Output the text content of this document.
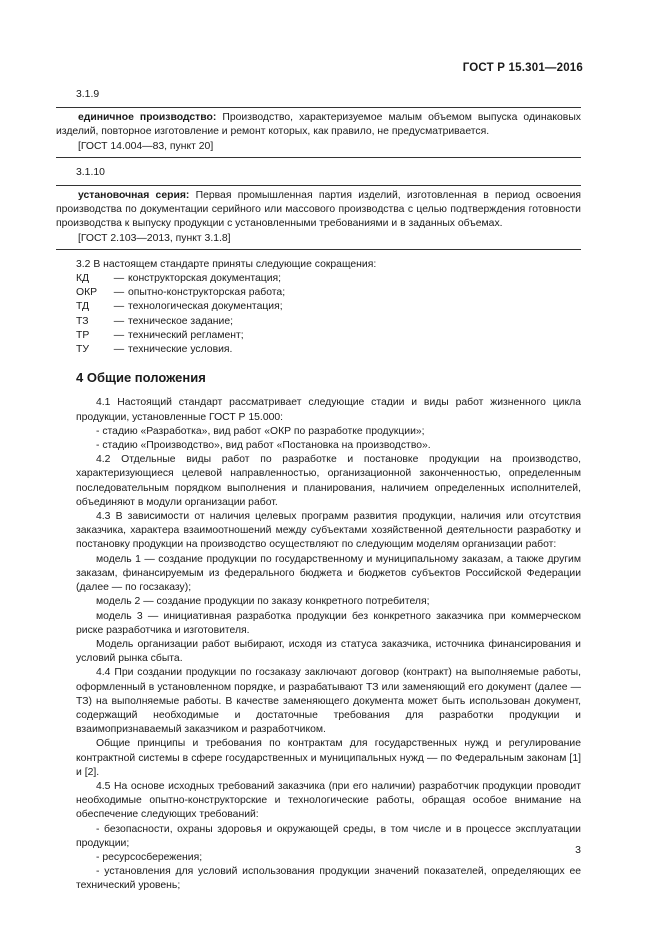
ГОСТ Р 15.301—2016

3.1.9

единичное производство: Производство, характеризуемое малым объемом выпуска одинаковых изделий, повторное изготовление и ремонт которых, как правило, не предусматривается.

[ГОСТ 14.004—83, пункт 20]

3.1.10

установочная серия: Первая промышленная партия изделий, изготовленная в период освоения производства по документации серийного или массового производства с целью подтверждения готовности производства к выпуску продукции с установленными требованиями и в заданных объемах.

[ГОСТ 2.103—2013, пункт 3.1.8]

3.2 В настоящем стандарте приняты следующие сокращения:

КД	— конструкторская документация;
ОКР	— опытно-конструкторская работа;
ТД	— технологическая документация;
ТЗ	— техническое задание;
ТР	— технический регламент;
ТУ	— технические условия.
4 Общие положения

4.1 Настоящий стандарт рассматривает следующие стадии и виды работ жизненного цикла продукции, установленные ГОСТ Р 15.000:

- стадию «Разработка», вид работ «ОКР по разработке продукции»;

- стадию «Производство», вид работ «Постановка на производство».

4.2 Отдельные виды работ по разработке и постановке продукции на производство, характеризующиеся целевой направленностью, организационной законченностью, определенным последовательным порядком выполнения и планирования, наличием определенных исполнителей, объединяют в модули организации работ.

4.3 В зависимости от наличия целевых программ развития продукции, наличия или отсутствия заказчика, характера взаимоотношений между субъектами хозяйственной деятельности разработку и постановку продукции на производство осуществляют по следующим моделям организации работ:

модель 1 — создание продукции по государственному и муниципальному заказам, а также другим заказам, финансируемым из федерального бюджета и бюджетов субъектов Российской Федерации (далее — по госзаказу);

модель 2 — создание продукции по заказу конкретного потребителя;

модель 3 — инициативная разработка продукции без конкретного заказчика при коммерческом риске разработчика и изготовителя.

Модель организации работ выбирают, исходя из статуса заказчика, источника финансирования и условий рынка сбыта.

4.4 При создании продукции по госзаказу заключают договор (контракт) на выполняемые работы, оформленный в установленном порядке, и разрабатывают ТЗ или заменяющий его документ (далее — ТЗ) на выполняемые работы. В качестве заменяющего документа может быть использован документ, содержащий необходимые и достаточные требования для разработки продукции и взаимопризнаваемый заказчиком и разработчиком.

Общие принципы и требования по контрактам для государственных нужд и регулирование контрактной системы в сфере государственных и муниципальных нужд — по Федеральным законам [1] и [2].

4.5 На основе исходных требований заказчика (при его наличии) разработчик продукции проводит необходимые опытно-конструкторские и технологические работы, обращая особое внимание на обеспечение следующих требований:

- безопасности, охраны здоровья и окружающей среды, в том числе и в процессе эксплуатации продукции;

- ресурсосбережения;

- установления для условий использования продукции значений показателей, определяющих ее технический уровень;

3
